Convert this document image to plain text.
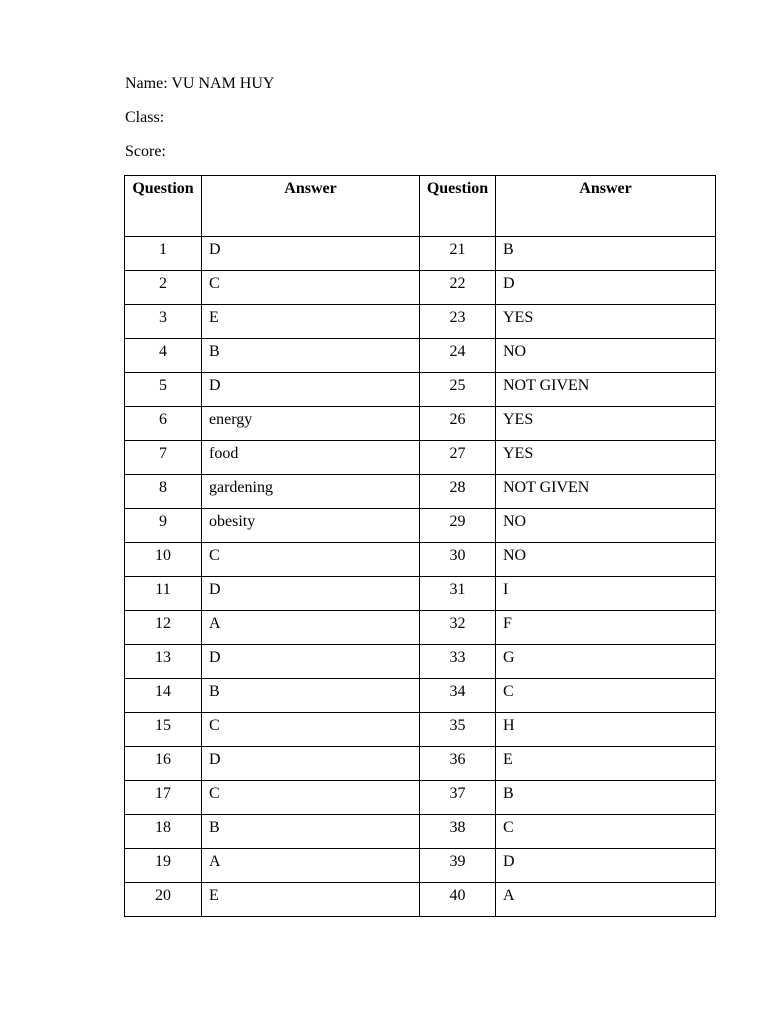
Name: VU NAM HUY

Class:

Score:

Question	Answer	Question	Answer
1	D	21	B
2	C	22	D
3	E	23	YES
4	B	24	NO
5	D	25	NOT GIVEN
6	energy	26	YES
7	food	27	YES
8	gardening	28	NOT GIVEN
9	obesity	29	NO
10	C	30	NO
11	D	31	I
12	A	32	F
13	D	33	G
14	B	34	C
15	C	35	H
16	D	36	E
17	C	37	B
18	B	38	C
19	A	39	D
20	E	40	A
